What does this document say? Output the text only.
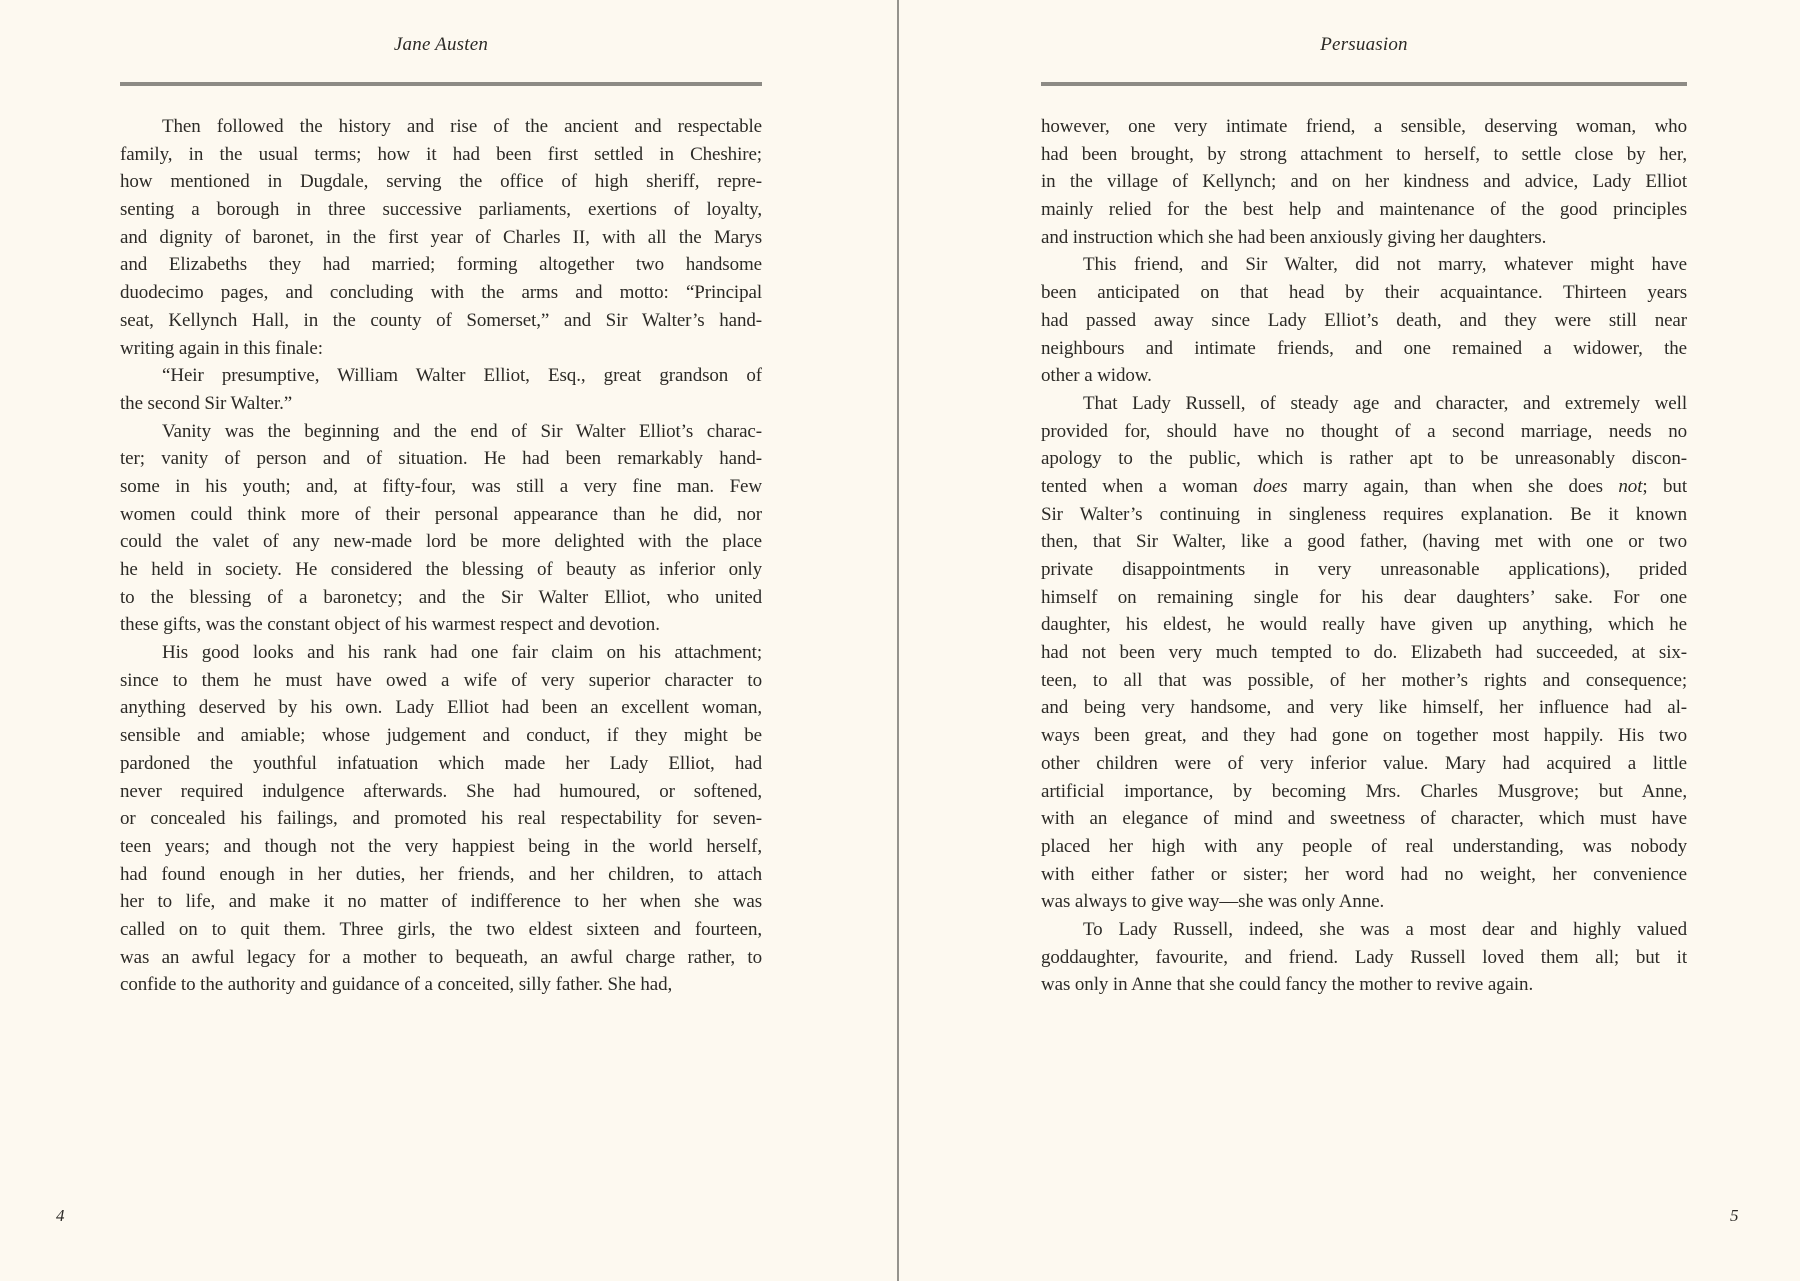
Jane Austen
Then followed the history and rise of the ancient and respectable
family, in the usual terms; how it had been first settled in Cheshire;
how mentioned in Dugdale, serving the office of high sheriff, repre-
senting a borough in three successive parliaments, exertions of loyalty,
and dignity of baronet, in the first year of Charles II, with all the Marys
and Elizabeths they had married; forming altogether two handsome
duodecimo pages, and concluding with the arms and motto: “Principal
seat, Kellynch Hall, in the county of Somerset,” and Sir Walter’s hand-
writing again in this finale:
“Heir presumptive, William Walter Elliot, Esq., great grandson of
the second Sir Walter.”
Vanity was the beginning and the end of Sir Walter Elliot’s charac-
ter; vanity of person and of situation. He had been remarkably hand-
some in his youth; and, at fifty-four, was still a very fine man. Few
women could think more of their personal appearance than he did, nor
could the valet of any new-made lord be more delighted with the place
he held in society. He considered the blessing of beauty as inferior only
to the blessing of a baronetcy; and the Sir Walter Elliot, who united
these gifts, was the constant object of his warmest respect and devotion.
His good looks and his rank had one fair claim on his attachment;
since to them he must have owed a wife of very superior character to
anything deserved by his own. Lady Elliot had been an excellent woman,
sensible and amiable; whose judgement and conduct, if they might be
pardoned the youthful infatuation which made her Lady Elliot, had
never required indulgence afterwards. She had humoured, or softened,
or concealed his failings, and promoted his real respectability for seven-
teen years; and though not the very happiest being in the world herself,
had found enough in her duties, her friends, and her children, to attach
her to life, and make it no matter of indifference to her when she was
called on to quit them. Three girls, the two eldest sixteen and fourteen,
was an awful legacy for a mother to bequeath, an awful charge rather, to
confide to the authority and guidance of a conceited, silly father. She had,
Persuasion
however, one very intimate friend, a sensible, deserving woman, who
had been brought, by strong attachment to herself, to settle close by her,
in the village of Kellynch; and on her kindness and advice, Lady Elliot
mainly relied for the best help and maintenance of the good principles
and instruction which she had been anxiously giving her daughters.
This friend, and Sir Walter, did not marry, whatever might have
been anticipated on that head by their acquaintance. Thirteen years
had passed away since Lady Elliot’s death, and they were still near
neighbours and intimate friends, and one remained a widower, the
other a widow.
That Lady Russell, of steady age and character, and extremely well
provided for, should have no thought of a second marriage, needs no
apology to the public, which is rather apt to be unreasonably discon-
tented when a woman does marry again, than when she does not; but
Sir Walter’s continuing in singleness requires explanation. Be it known
then, that Sir Walter, like a good father, (having met with one or two
private disappointments in very unreasonable applications), prided
himself on remaining single for his dear daughters’ sake. For one
daughter, his eldest, he would really have given up anything, which he
had not been very much tempted to do. Elizabeth had succeeded, at six-
teen, to all that was possible, of her mother’s rights and consequence;
and being very handsome, and very like himself, her influence had al-
ways been great, and they had gone on together most happily. His two
other children were of very inferior value. Mary had acquired a little
artificial importance, by becoming Mrs. Charles Musgrove; but Anne,
with an elegance of mind and sweetness of character, which must have
placed her high with any people of real understanding, was nobody
with either father or sister; her word had no weight, her convenience
was always to give way—she was only Anne.
To Lady Russell, indeed, she was a most dear and highly valued
goddaughter, favourite, and friend. Lady Russell loved them all; but it
was only in Anne that she could fancy the mother to revive again.
4	5
